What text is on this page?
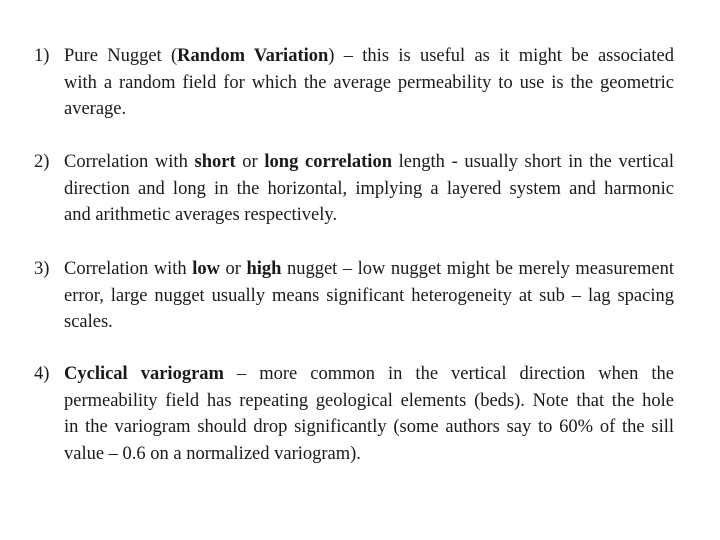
1) Pure Nugget (Random Variation) – this is useful as it might be associated
with a random field for which the average permeability to use is the geometric
average.
2) Correlation with short or long correlation length - usually short in the vertical
direction and long in the horizontal, implying a layered system and harmonic
and arithmetic averages respectively.
3) Correlation with low or high nugget – low nugget might be merely measurement
error, large nugget usually means significant heterogeneity at sub – lag spacing
scales.
4) Cyclical variogram – more common in the vertical direction when the
permeability field has repeating geological elements (beds). Note that the hole
in the variogram should drop significantly (some authors say to 60% of the sill
value – 0.6 on a normalized variogram).
